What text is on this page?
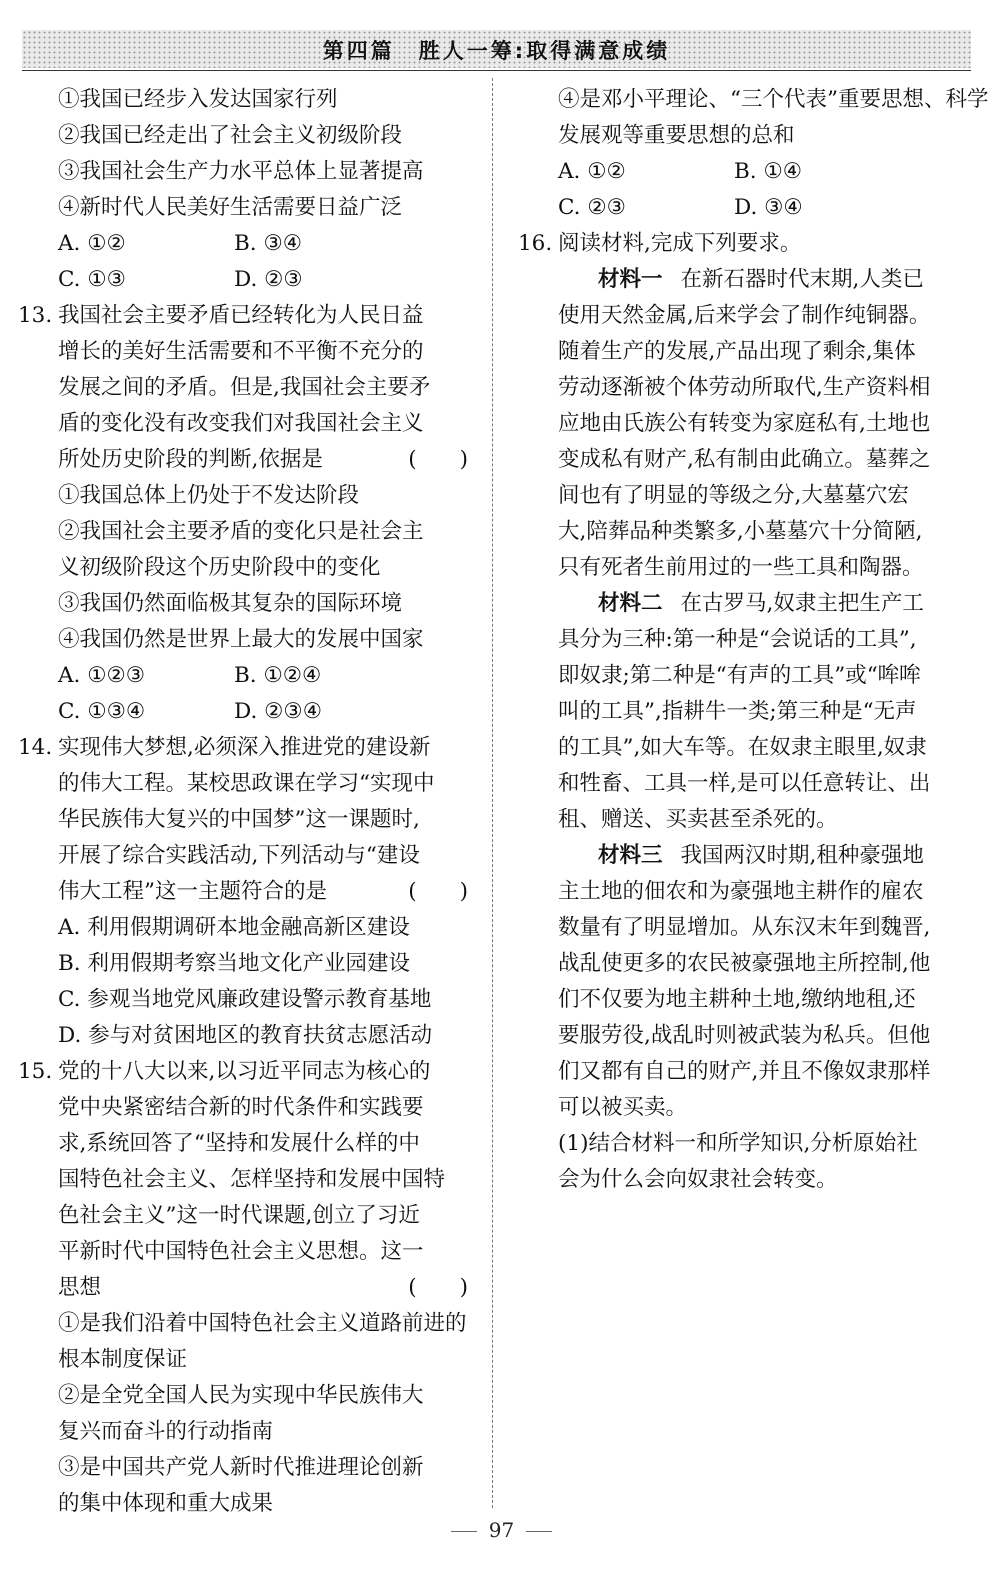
第四篇　胜人一筹:取得满意成绩
①我国已经步入发达国家行列
②我国已经走出了社会主义初级阶段
③我国社会生产力水平总体上显著提高
④新时代人民美好生活需要日益广泛
A. ①②	B. ③④
C. ①③	D. ②③
13. 我国社会主要矛盾已经转化为人民日益
增长的美好生活需要和不平衡不充分的
发展之间的矛盾。但是,我国社会主要矛
盾的变化没有改变我们对我国社会主义
所处历史阶段的判断,依据是	(　　)
①我国总体上仍处于不发达阶段
②我国社会主要矛盾的变化只是社会主
义初级阶段这个历史阶段中的变化
③我国仍然面临极其复杂的国际环境
④我国仍然是世界上最大的发展中国家
A. ①②③	B. ①②④
C. ①③④	D. ②③④
14. 实现伟大梦想,必须深入推进党的建设新
的伟大工程。某校思政课在学习“实现中
华民族伟大复兴的中国梦”这一课题时,
开展了综合实践活动,下列活动与“建设
伟大工程”这一主题符合的是	(　　)
A. 利用假期调研本地金融高新区建设
B. 利用假期考察当地文化产业园建设
C. 参观当地党风廉政建设警示教育基地
D. 参与对贫困地区的教育扶贫志愿活动
15. 党的十八大以来,以习近平同志为核心的
党中央紧密结合新的时代条件和实践要
求,系统回答了“坚持和发展什么样的中
国特色社会主义、怎样坚持和发展中国特
色社会主义”这一时代课题,创立了习近
平新时代中国特色社会主义思想。这一
思想	(　　)
①是我们沿着中国特色社会主义道路前进的
根本制度保证
②是全党全国人民为实现中华民族伟大
复兴而奋斗的行动指南
③是中国共产党人新时代推进理论创新
的集中体现和重大成果
④是邓小平理论、“三个代表”重要思想、科学
发展观等重要思想的总和
A. ①②	B. ①④
C. ②③	D. ③④
16. 阅读材料,完成下列要求。
材料一 在新石器时代末期,人类已
使用天然金属,后来学会了制作纯铜器。
随着生产的发展,产品出现了剩余,集体
劳动逐渐被个体劳动所取代,生产资料相
应地由氏族公有转变为家庭私有,土地也
变成私有财产,私有制由此确立。墓葬之
间也有了明显的等级之分,大墓墓穴宏
大,陪葬品种类繁多,小墓墓穴十分简陋,
只有死者生前用过的一些工具和陶器。
材料二 在古罗马,奴隶主把生产工
具分为三种:第一种是“会说话的工具”,
即奴隶;第二种是“有声的工具”或“哞哞
叫的工具”,指耕牛一类;第三种是“无声
的工具”,如大车等。在奴隶主眼里,奴隶
和牲畜、工具一样,是可以任意转让、出
租、赠送、买卖甚至杀死的。
材料三 我国两汉时期,租种豪强地
主土地的佃农和为豪强地主耕作的雇农
数量有了明显增加。从东汉末年到魏晋,
战乱使更多的农民被豪强地主所控制,他
们不仅要为地主耕种土地,缴纳地租,还
要服劳役,战乱时则被武装为私兵。但他
们又都有自己的财产,并且不像奴隶那样
可以被买卖。
(1)结合材料一和所学知识,分析原始社
会为什么会向奴隶社会转变。
97
